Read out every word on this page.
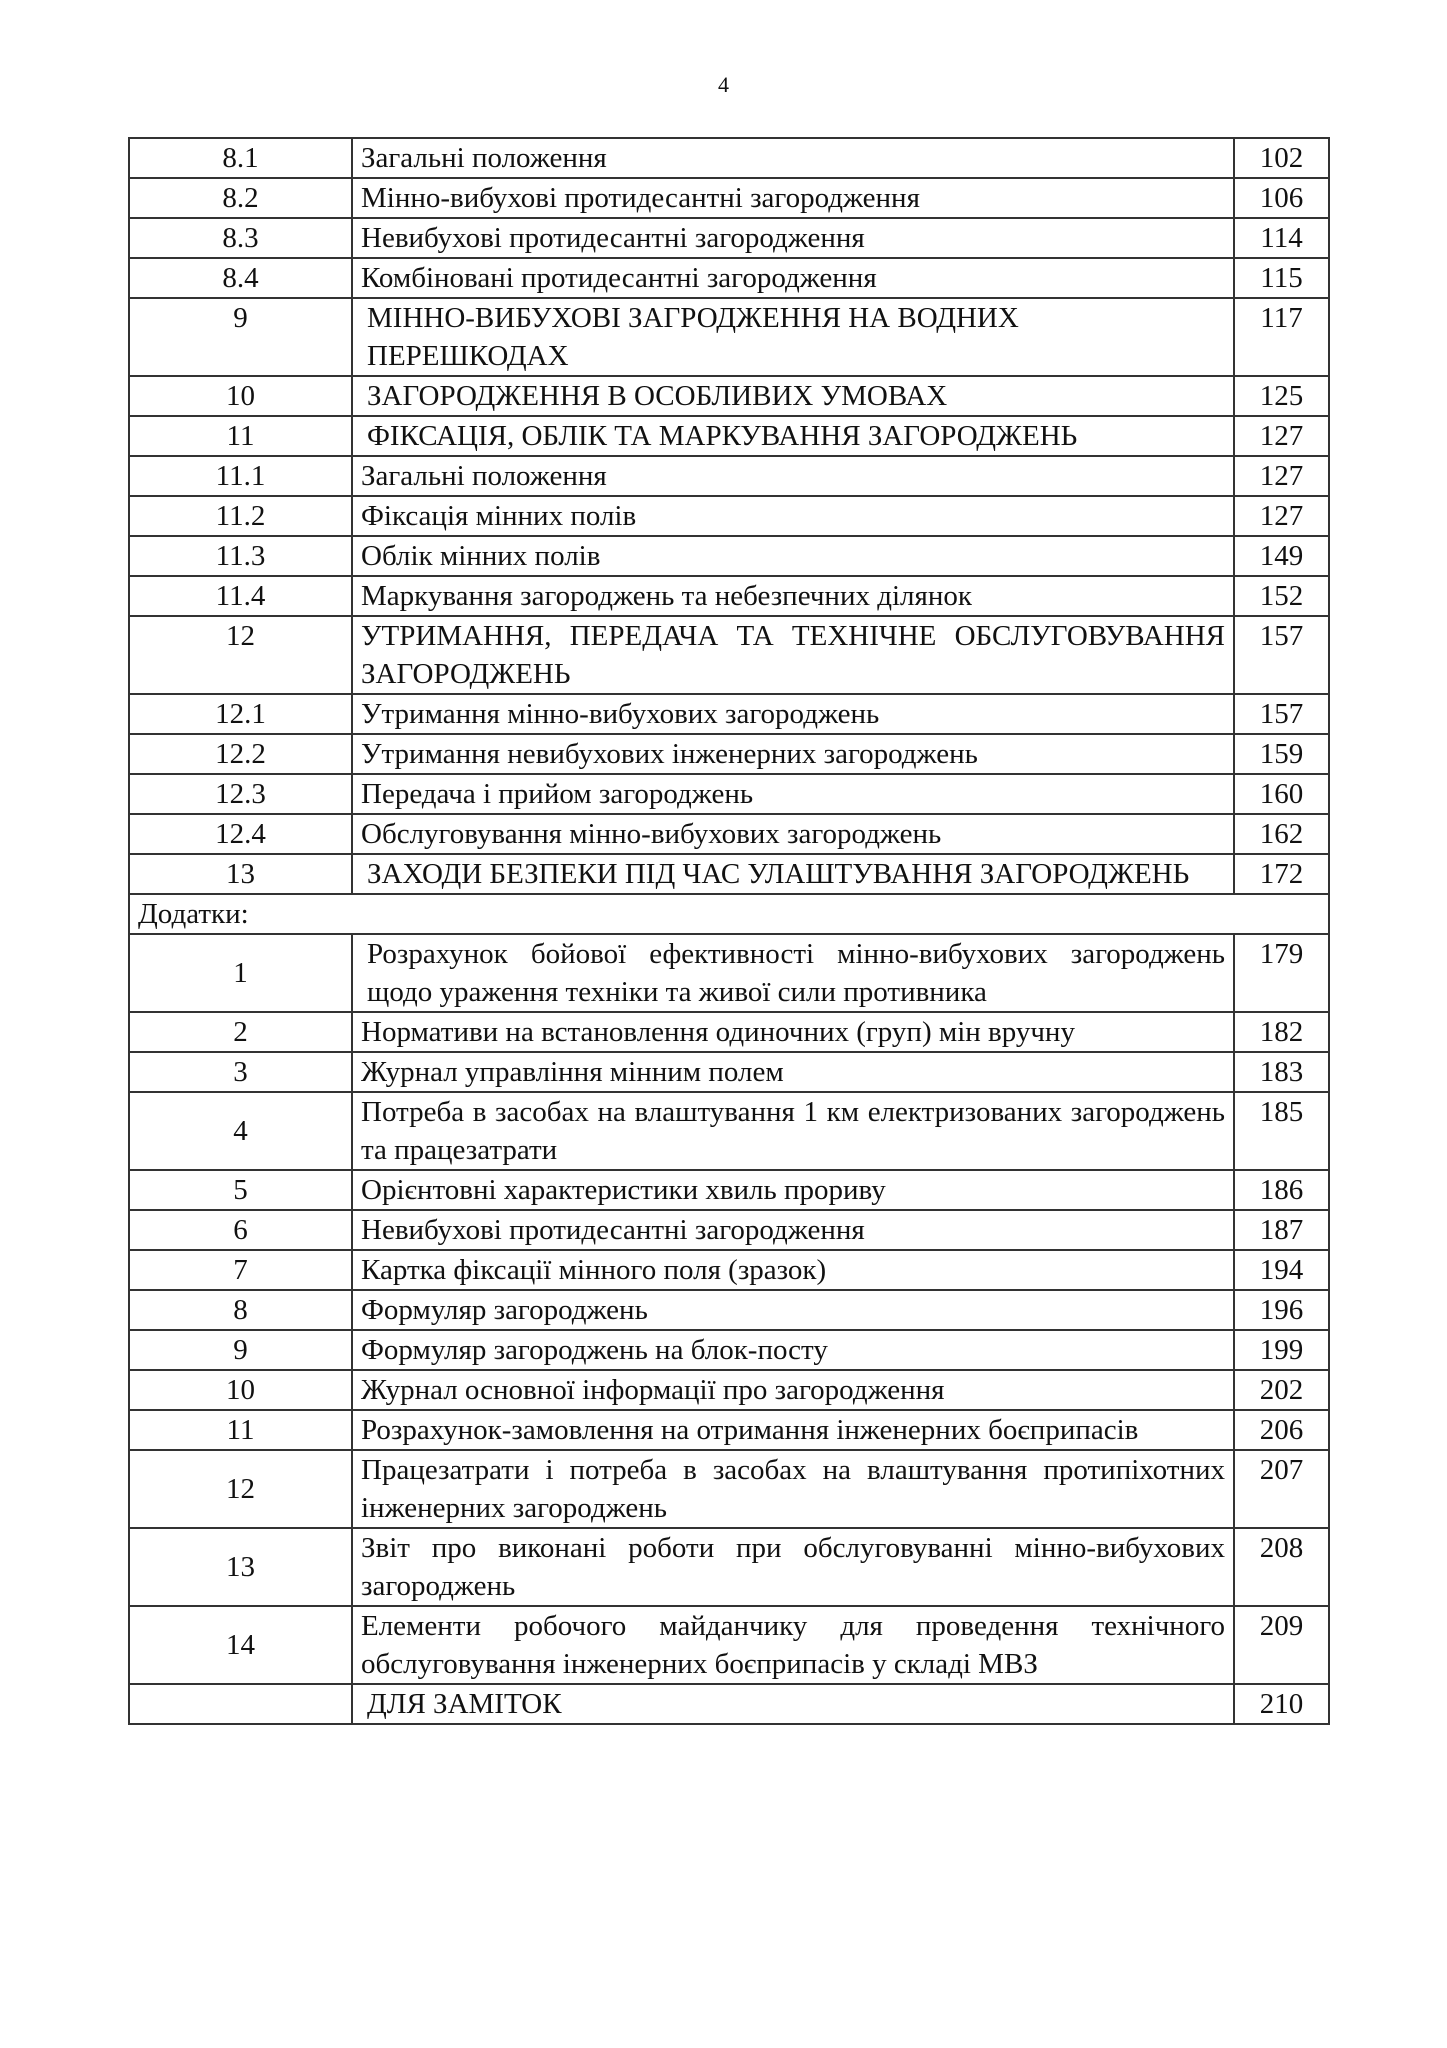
4
8.1	Загальні положення	102
8.2	Мінно-вибухові протидесантні загородження	106
8.3	Невибухові протидесантні загородження	114
8.4	Комбіновані протидесантні загородження	115
9	МІННО-ВИБУХОВІ ЗАГРОДЖЕННЯ НА ВОДНИХ ПЕРЕШКОДАХ	117
10	ЗАГОРОДЖЕННЯ В ОСОБЛИВИХ УМОВАХ	125
11	ФІКСАЦІЯ, ОБЛІК ТА МАРКУВАННЯ ЗАГОРОДЖЕНЬ	127
11.1	Загальні положення	127
11.2	Фіксація мінних полів	127
11.3	Облік мінних полів	149
11.4	Маркування загороджень та небезпечних ділянок	152
12	УТРИМАННЯ, ПЕРЕДАЧА ТА ТЕХНІЧНЕ ОБСЛУГОВУВАННЯ ЗАГОРОДЖЕНЬ	157
12.1	Утримання мінно-вибухових загороджень	157
12.2	Утримання невибухових інженерних загороджень	159
12.3	Передача і прийом загороджень	160
12.4	Обслуговування мінно-вибухових загороджень	162
13	ЗАХОДИ БЕЗПЕКИ ПІД ЧАС УЛАШТУВАННЯ ЗАГОРОДЖЕНЬ	172
Додатки:		
1	Розрахунок бойової ефективності мінно-вибухових загороджень щодо ураження техніки та живої сили противника	179
2	Нормативи на встановлення одиночних (груп) мін вручну	182
3	Журнал управління мінним полем	183
4	Потреба в засобах на влаштування 1 км електризованих загороджень та працезатрати	185
5	Орієнтовні характеристики хвиль прориву	186
6	Невибухові протидесантні загородження	187
7	Картка фіксації мінного поля (зразок)	194
8	Формуляр загороджень	196
9	Формуляр загороджень на блок-посту	199
10	Журнал основної інформації про загородження	202
11	Розрахунок-замовлення на отримання інженерних боєприпасів	206
12	Працезатрати і потреба в засобах на влаштування протипіхотних інженерних загороджень	207
13	Звіт про виконані роботи при обслуговуванні мінно-вибухових загороджень	208
14	Елементи робочого майданчику для проведення технічного обслуговування інженерних боєприпасів у складі МВЗ	209
	ДЛЯ ЗАМІТОК	210
